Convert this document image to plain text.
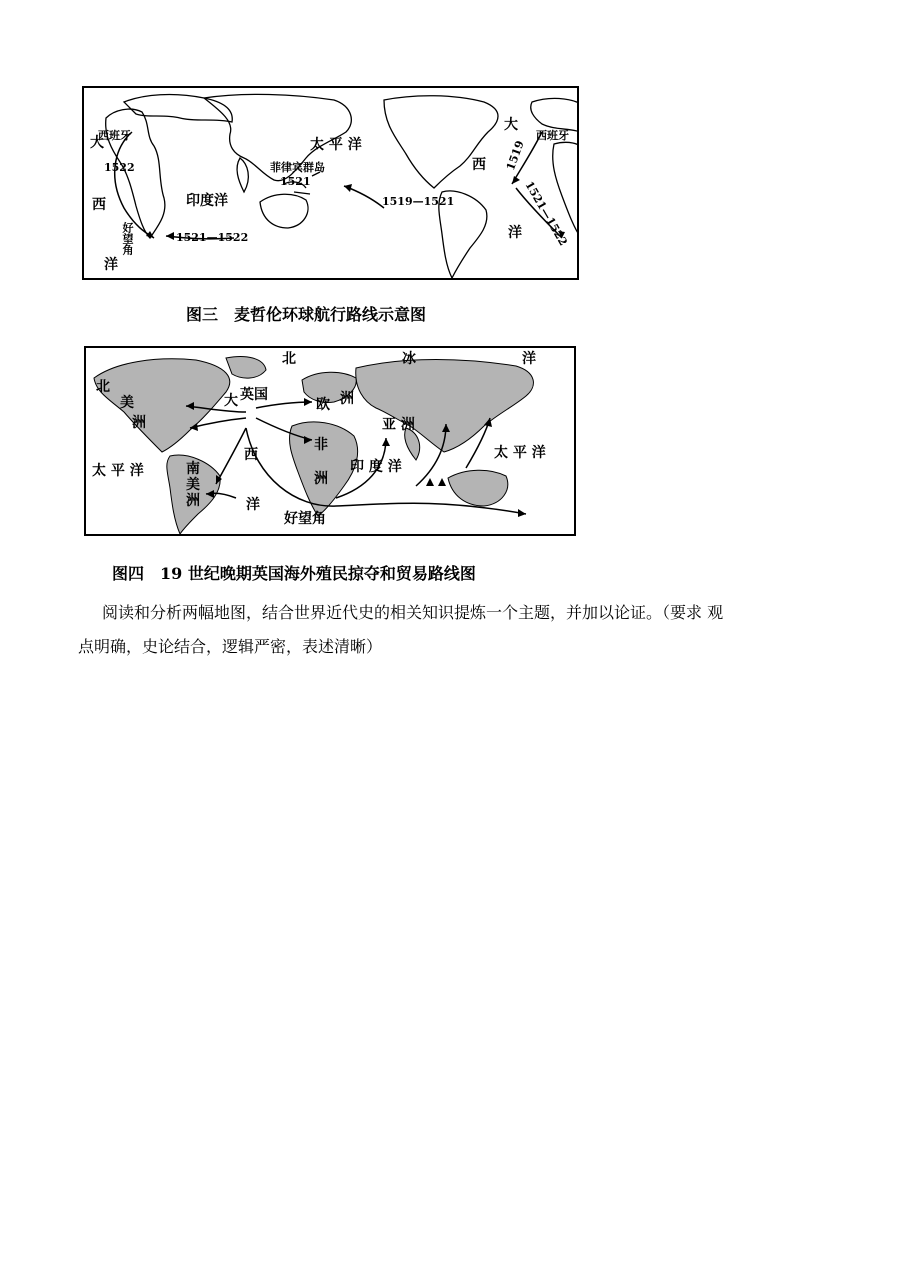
大
西班牙
1522
西
好望角
洋
印度洋
1521—1522
菲律宾群岛
1521
太 平 洋
1519—1521
大
西班牙
西 1519
1521—1522
洋
图三　麦哲伦环球航行路线示意图
北	冰	洋
北
美
洲
大 英国
欧 洲
亚 洲
非
洲
西
太 平 洋	南
美
洲	洋
好望角
印 度 洋
太 平 洋
图四　19 世纪晚期英国海外殖民掠夺和贸易路线图
阅读和分析两幅地图，结合世界近代史的相关知识提炼一个主题，并加以论证。（要求 观
点明确，史论结合，逻辑严密，表述清晰）
